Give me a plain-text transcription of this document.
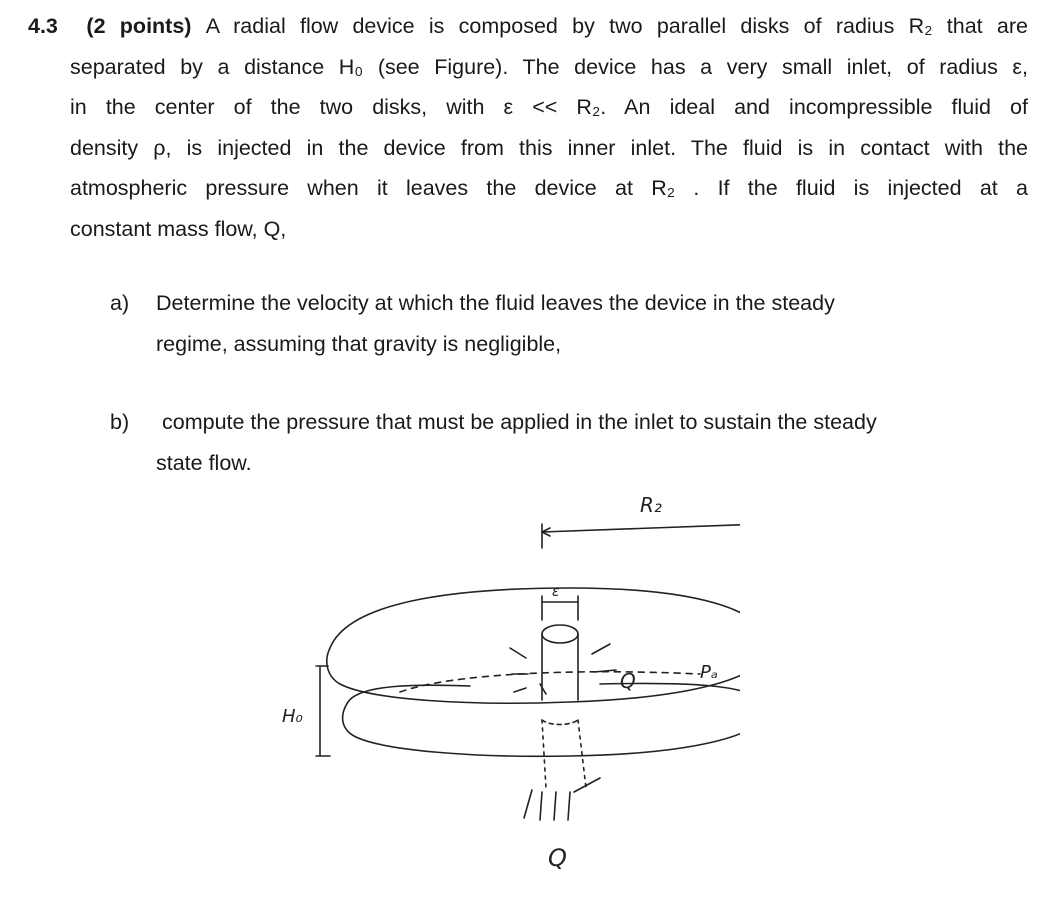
4.3 (2 points) A radial flow device is composed by two parallel disks of radius R₂ that are
separated by a distance H₀ (see Figure). The device has a very small inlet, of radius ε,
in the center of the two disks, with ε << R₂. An ideal and incompressible fluid of
density ρ, is injected in the device from this inner inlet. The fluid is in contact with the
atmospheric pressure when it leaves the device at R₂ . If the fluid is injected at a
constant mass flow, Q,
a) Determine the velocity at which the fluid leaves the device in the steady
regime, assuming that gravity is negligible,
b) compute the pressure that must be applied in the inlet to sustain the steady
state flow.
R₂
ε
H₀
Pₐ
Q
Q
